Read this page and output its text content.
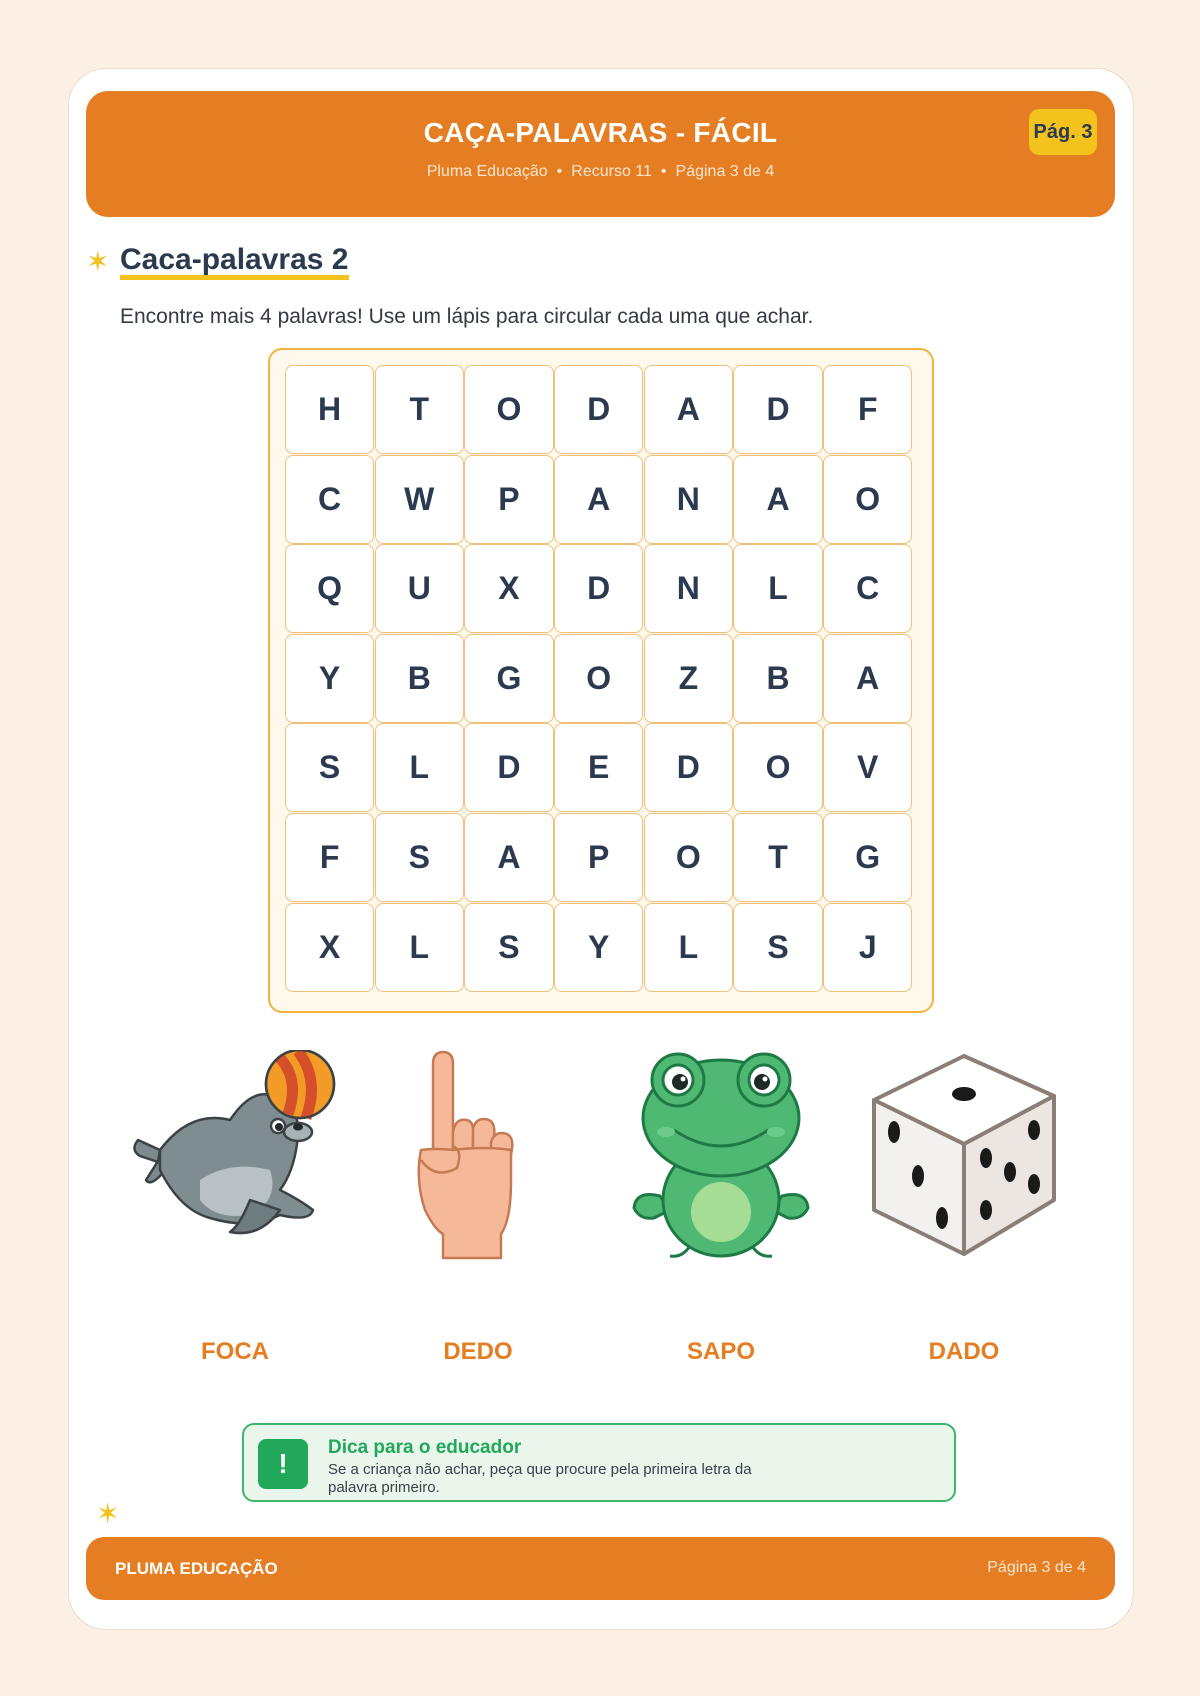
CAÇA-PALAVRAS - FÁCIL
Pluma Educação • Recurso 11 • Página 3 de 4
Pág. 3
✶ Caca-palavras 2
Encontre mais 4 palavras! Use um lápis para circular cada uma que achar.
H	T	O	D	A	D	F
C	W	P	A	N	A	O
Q	U	X	D	N	L	C
Y	B	G	O	Z	B	A
S	L	D	E	D	O	V
F	S	A	P	O	T	G
X	L	S	Y	L	S	J
FOCA	DEDO	SAPO	DADO
!
Dica para o educador
Se a criança não achar, peça que procure pela primeira letra da palavra primeiro.
✶
PLUMA EDUCAÇÃO	Página 3 de 4
